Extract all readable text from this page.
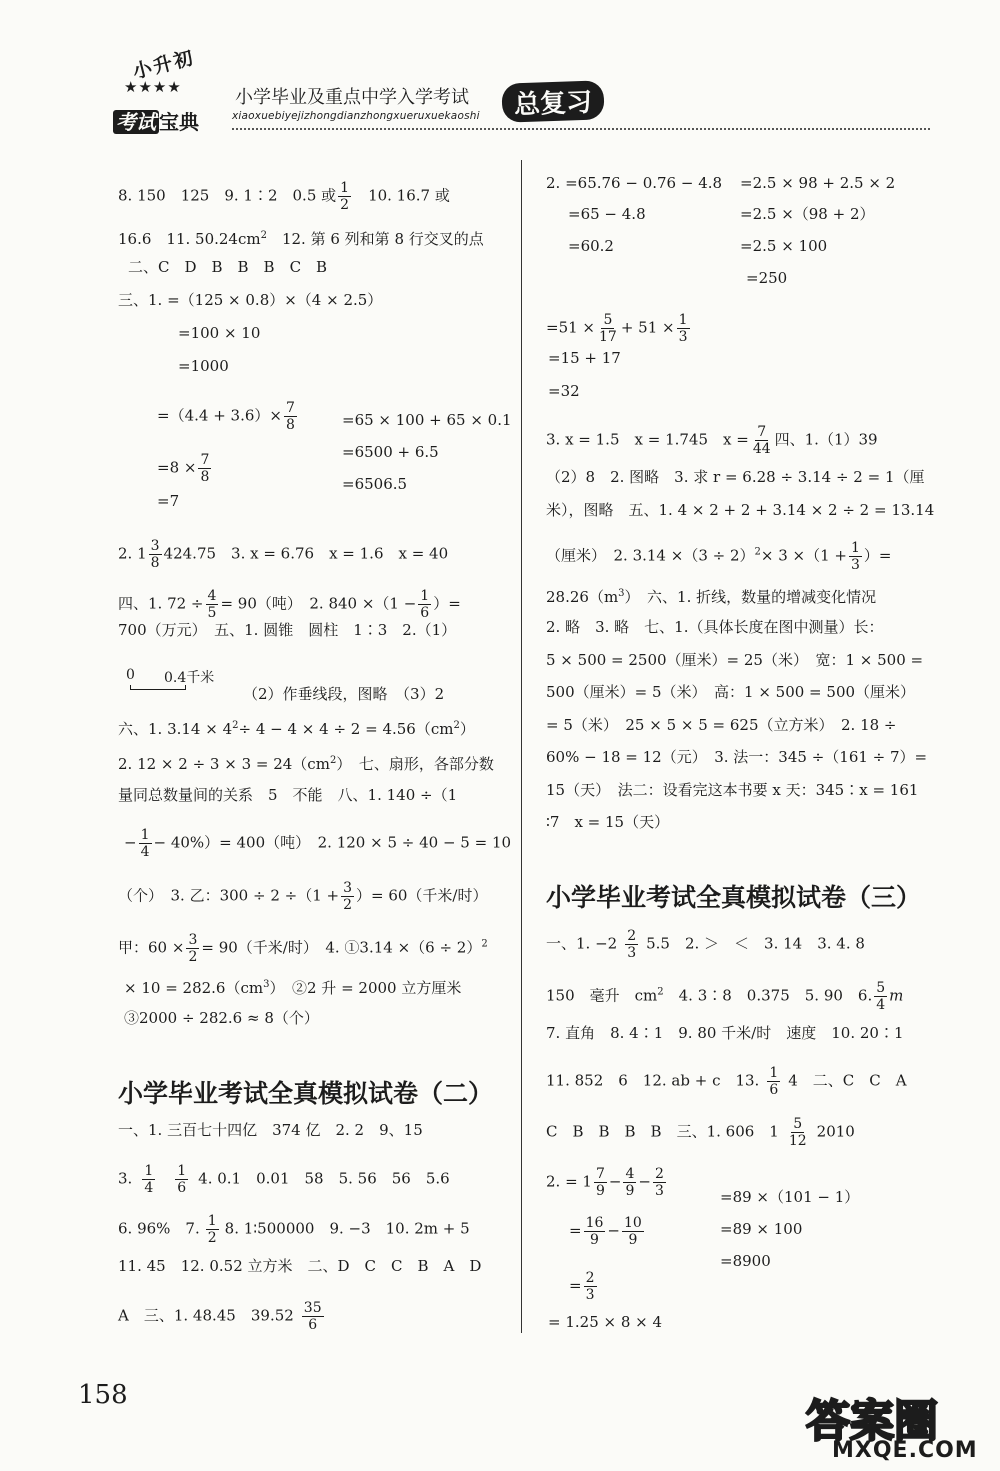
小升初
★★★★
考试 宝典
小学毕业及重点中学入学考试
xiaoxuebiyejizhongdianzhongxueruxuekaoshi	总复习
8. 150　125　9. 1∶2　0.5 或 $\frac{1}{2}$ 　10. 16.7 或
16.6　11. $50.24cm^2$　12. 第 6 列和第 8 行交叉的点
二、C　D　B　B　B　C　B
三、1. =（125 × 0.8）×（4 × 2.5）
=100 × 10
=1000
$=(4.4 + 3.6)\times \frac{7}{8}$	=65 × 100 + 65 × 0.1
=6500 + 6.5
$=8 \times \frac{7}{8}$	=6506.5
=7
2. $1 \frac{3}{8} 424.75$　3. x = 6.76　x = 1.6　x = 40
700（万元）　五、1. 圆锥　圆柱　1∶3　2.（1）
四、1. $72 \div \frac{4}{5} = 90$（吨）　2. $840 \times(1 - \frac{1}{6}$ ）=
0 0.4千米
（2）作垂线段，图略　（3）2
六、1. $3.14 \times 4^2\div 4 - 4 \times 4 \div 2 = 4.56(cm^2)$
2. $12 \times 2 \div 3 \times 3 = 24(cm^2)$　七、扇形，各部分数
量同总数量间的关系　5　不能　八、1. 140 ÷（1
− $\frac{1}{4} - 40\%)= 400$（吨）　2. 120 × 5 ÷ 40 − 5 = 10
（个）　3. 乙：$300 \div 2 \div(1 + \frac{3}{2}$ ）= 60（千米/时）
甲：$60 \times \frac{3}{2} = 90$（千米/时）　4. ①3.14 $\times(6 \div 2)^2$
× $10 = 282.6(cm^3)$　②2 升 = 2000 立方厘米
③2000 ÷ 282.6 ≈ 8（个）
小学毕业考试全真模拟试卷（二）
一、1. 三百七十四亿　374 亿　2. 2　9、15
3. $\frac{1}{4} \frac{1}{6} 4$. 0.1　0.01　58　5. 56　56　5.6
6. 96%　7. $\frac{1}{2} 8$. 1∶500000　9. −3　10. 2m + 5
11. 45　12. 0.52 立方米　二、D　C　C　B　A　D
A　三、1. 48.45　$39.52 \frac{35}{6}$
2. =65.76 − 0.76 − 4.8 =2.5 × 98 + 2.5 × 2
=65 − 4.8	=2.5 ×（98 + 2）
=60.2	=2.5 × 100
=250
$=51 \times \frac{5}{17} + 51 \times \frac{1}{3}$
=15 + 17
=32
3. x = 1.5　x = 1.745　$x = \frac{7}{44}$ 四、1.（1）39
（2）8　2. 图略　3. 求 r = 6.28 ÷ 3.14 ÷ 2 = 1（厘
米），图略　五、1. 4 × 2 + 2 + 3.14 × 2 ÷ 2 = 13.14
（厘米）　2. $3.14 \times(3 \div 2)^2\times 3 \times(1 + \frac{1}{3}$ ）=
$28.26(m^3)$　六、1. 折线，数量的增减变化情况
2. 略　3. 略　七、1.（具体长度在图中测量）长：
5 × 500 = 2500（厘米）= 25（米）　宽：1 × 500 =
500（厘米）= 5（米）　高：1 × 500 = 500（厘米）
= 5（米）　25 × 5 × 5 = 625（立方米）　2. 18 ÷
60% − 18 = 12（元）　3. 法一：345 ÷（161 ÷ 7）=
15（天）　法二：设看完这本书要 x 天：345∶x = 161
∶7　x = 15（天）
小学毕业考试全真模拟试卷（三）
一、1. $-2 \frac{2}{3} 5.5$　2. ＞　＜　3. 14　3. 4. 8
150　毫升　$cm^2$　4. 3∶8　0.375　5. 90　6. $\frac{5}{4}$ m
7. 直角　8. 4∶1　9. 80 千米/时　速度　10. 20∶1
11. 852　6　12. ab + c　13. $\frac{1}{6} 4$　二、C　C　A
C　B　B　B　B　三、1. 606　$1 \frac{5}{12} 2010$
2. = $1 \frac{7}{9} - \frac{4}{9} - \frac{2}{3}$	=89 ×（101 − 1）
= $\frac{16}{9} - \frac{10}{9}$	=89 × 100
=8900
= $\frac{2}{3}$
= 1.25 × 8 × 4
158
答案圈
MXQE.COM
